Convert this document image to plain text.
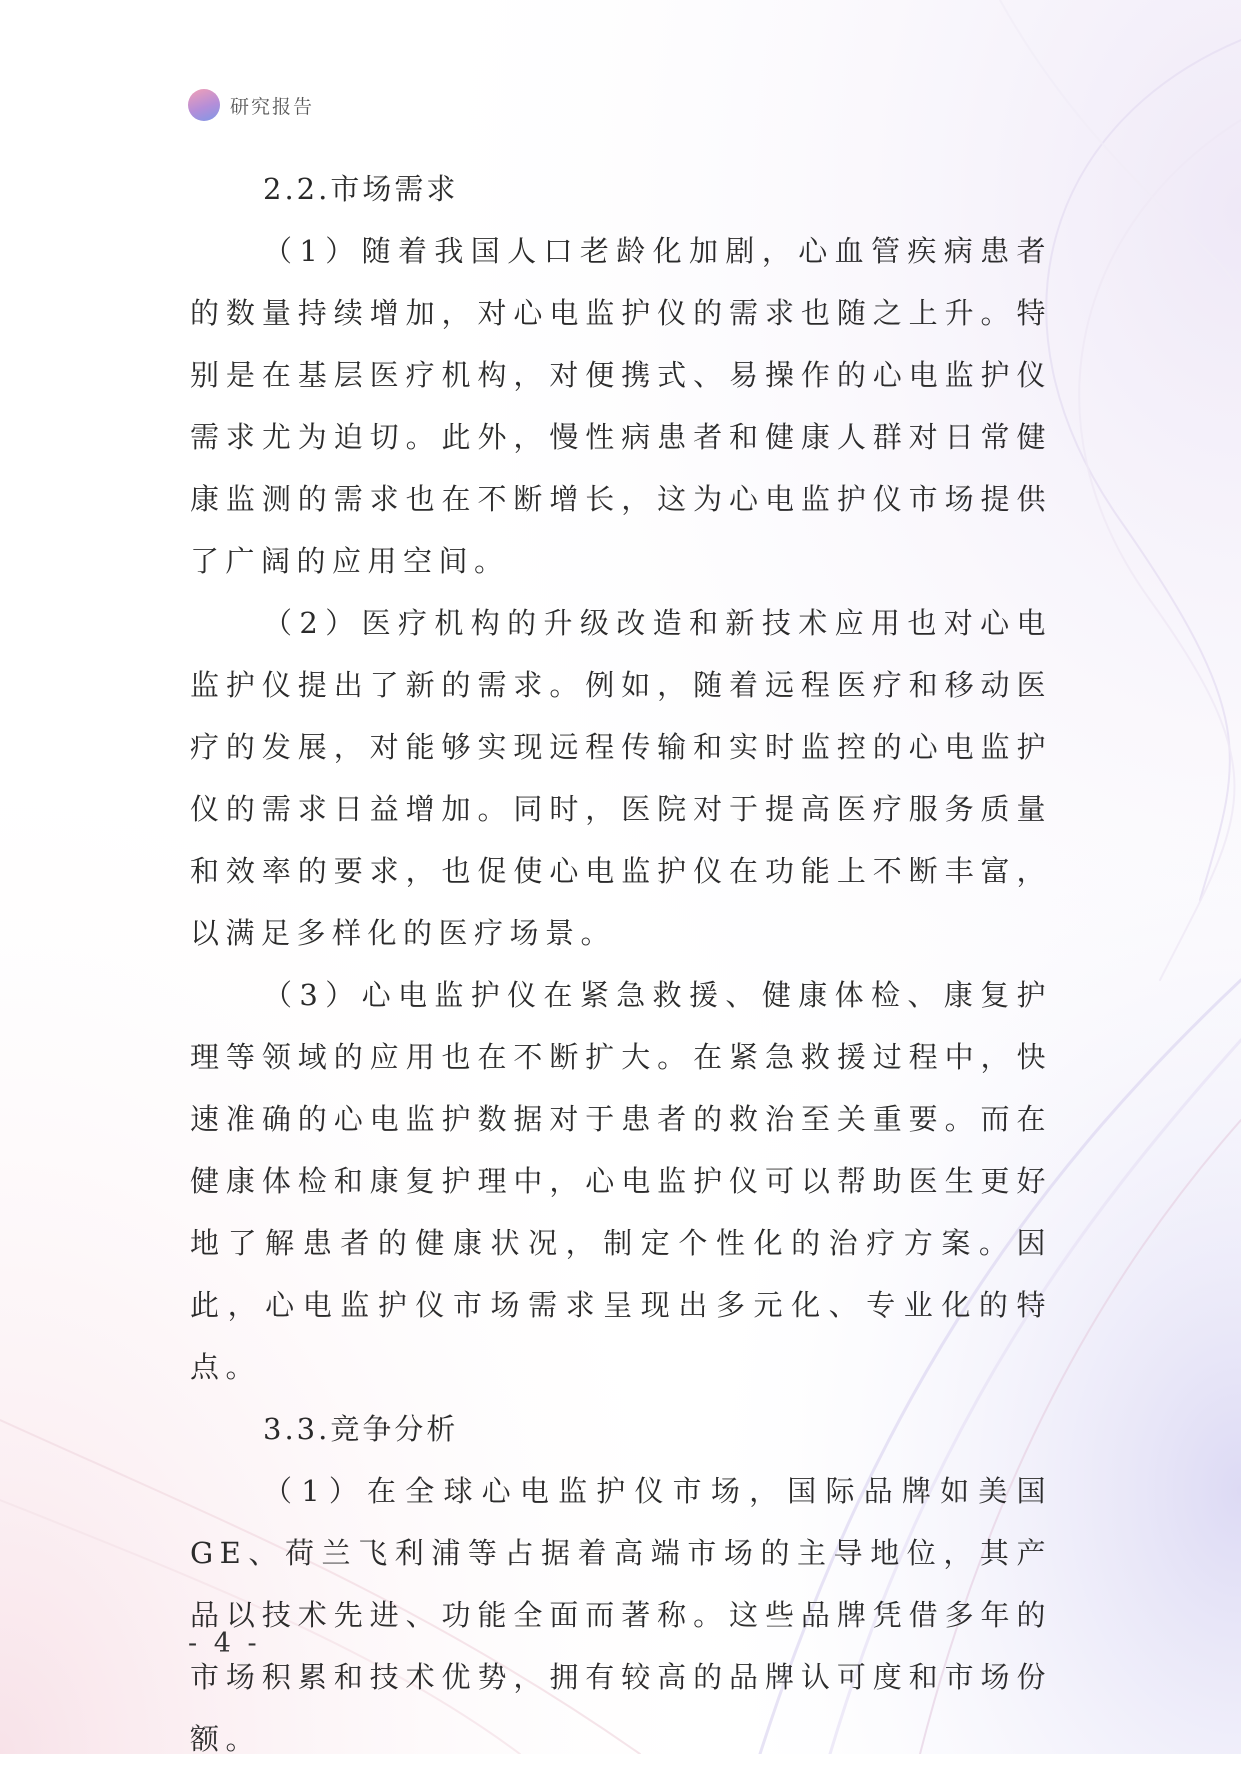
研究报告
2.2.市场需求

（1）随着我国人口老龄化加剧，心血管疾病患者的数量持续增加，对心电监护仪的需求也随之上升。特别是在基层医疗机构，对便携式、易操作的心电监护仪需求尤为迫切。此外，慢性病患者和健康人群对日常健康监测的需求也在不断增长，这为心电监护仪市场提供了广阔的应用空间。

（2）医疗机构的升级改造和新技术应用也对心电监护仪提出了新的需求。例如，随着远程医疗和移动医疗的发展，对能够实现远程传输和实时监控的心电监护仪的需求日益增加。同时，医院对于提高医疗服务质量和效率的要求，也促使心电监护仪在功能上不断丰富，以满足多样化的医疗场景。

（3）心电监护仪在紧急救援、健康体检、康复护理等领域的应用也在不断扩大。在紧急救援过程中，快速准确的心电监护数据对于患者的救治至关重要。而在健康体检和康复护理中，心电监护仪可以帮助医生更好地了解患者的健康状况，制定个性化的治疗方案。因此，心电监护仪市场需求呈现出多元化、专业化的特点。

3.3.竞争分析

（1）在全球心电监护仪市场，国际品牌如美国GE、荷兰飞利浦等占据着高端市场的主导地位，其产品以技术先进、功能全面而著称。这些品牌凭借多年的市场积累和技术优势，拥有较高的品牌认可度和市场份额。

- 4 -
